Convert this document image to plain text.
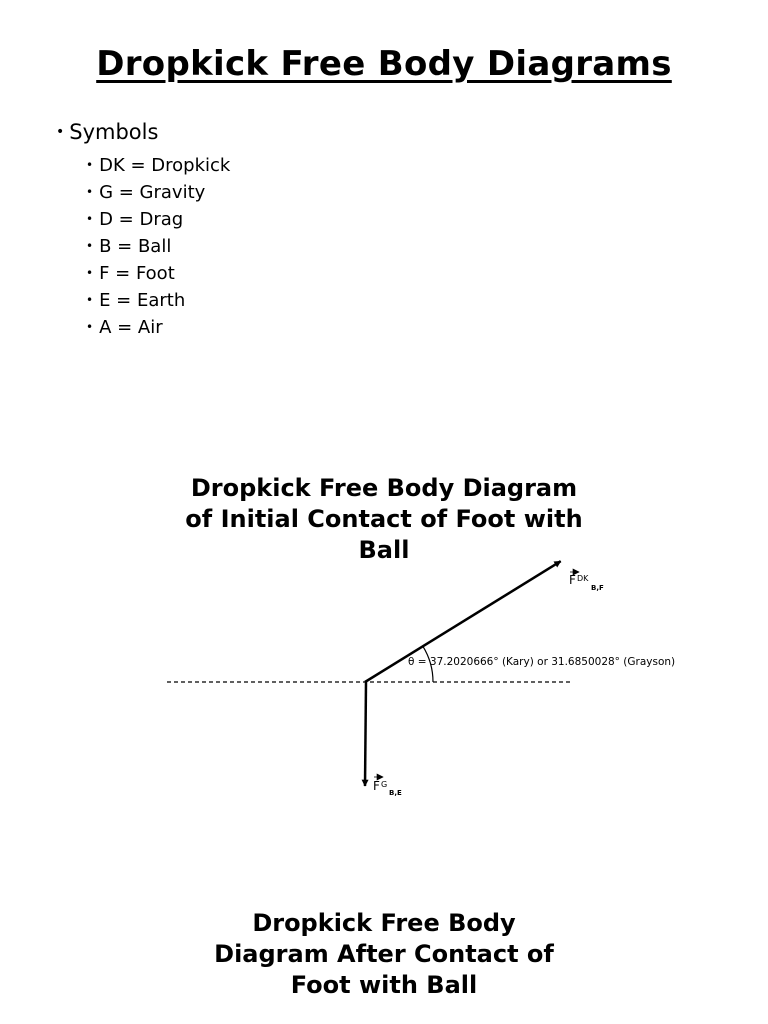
Dropkick Free Body Diagrams
• Symbols
• DK = Dropkick
• G = Gravity
• D = Drag
• B = Ball
• F = Foot
• E = Earth
• A = Air
Dropkick Free Body Diagram
of Initial Contact of Foot with
Ball
θ = 37.2020666° (Kary) or 31.6850028° (Grayson)
F DK
B,F
F G
B,E
Dropkick Free Body
Diagram After Contact of
Foot with Ball
